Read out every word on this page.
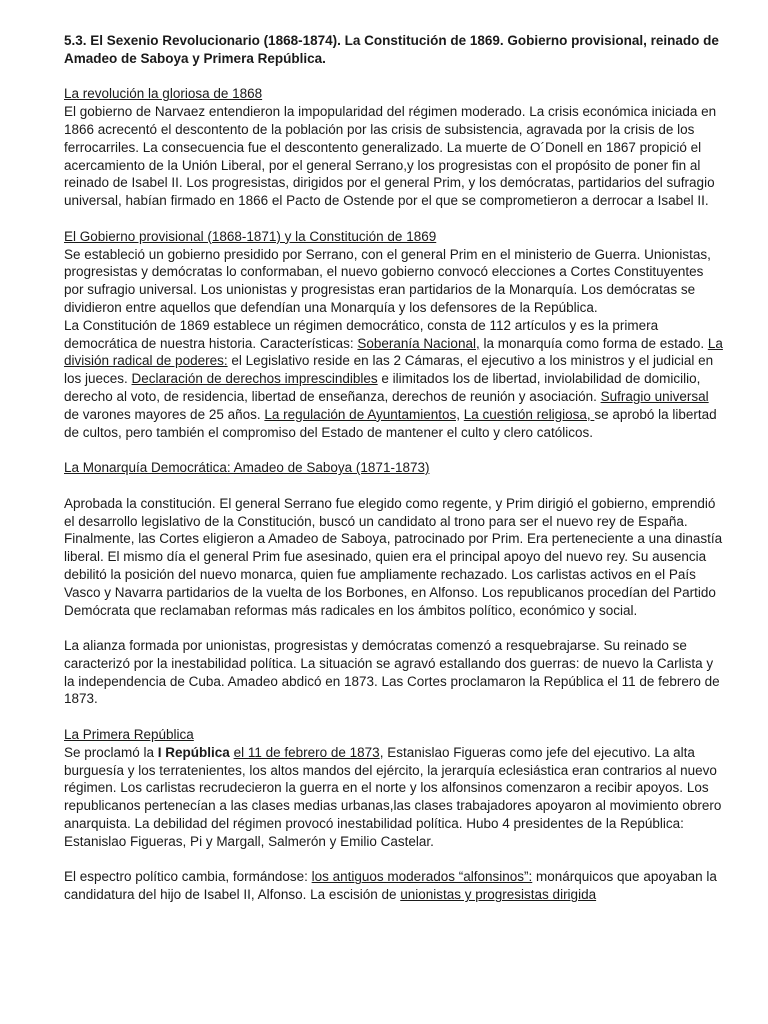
5.3. El Sexenio Revolucionario (1868-1874). La Constitución de 1869. Gobierno provisional, reinado de Amadeo de Saboya y Primera República.

La revolución la gloriosa de 1868

El gobierno de Narvaez entendieron la impopularidad del régimen moderado. La crisis económica iniciada en 1866 acrecentó el descontento de la población por las crisis de subsistencia, agravada por la crisis de los ferrocarriles. La consecuencia fue el descontento generalizado. La muerte de O´Donell en 1867 propició el acercamiento de la Unión Liberal, por el general Serrano,y los progresistas con el propósito de poner fin al reinado de Isabel II. Los progresistas, dirigidos por el general Prim, y los demócratas, partidarios del sufragio universal, habían firmado en 1866 el Pacto de Ostende por el que se comprometieron a derrocar a Isabel II.

El Gobierno provisional (1868-1871) y la Constitución de 1869

Se estableció un gobierno presidido por Serrano, con el general Prim en el ministerio de Guerra. Unionistas, progresistas y demócratas lo conformaban, el nuevo gobierno convocó elecciones a Cortes Constituyentes por sufragio universal. Los unionistas y progresistas eran partidarios de la Monarquía. Los demócratas se dividieron entre aquellos que defendían una Monarquía y los defensores de la República.

La Constitución de 1869 establece un régimen democrático, consta de 112 artículos y es la primera democrática de nuestra historia. Características: Soberanía Nacional, la monarquía como forma de estado. La división radical de poderes: el Legislativo reside en las 2 Cámaras, el ejecutivo a los ministros y el judicial en los jueces. Declaración de derechos imprescindibles e ilimitados los de libertad, inviolabilidad de domicilio, derecho al voto, de residencia, libertad de enseñanza, derechos de reunión y asociación. Sufragio universal de varones mayores de 25 años. La regulación de Ayuntamientos, La cuestión religiosa, se aprobó la libertad de cultos, pero también el compromiso del Estado de mantener el culto y clero católicos.

La Monarquía Democrática: Amadeo de Saboya (1871-1873)

Aprobada la constitución. El general Serrano fue elegido como regente, y Prim dirigió el gobierno, emprendió el desarrollo legislativo de la Constitución, buscó un candidato al trono para ser el nuevo rey de España. Finalmente, las Cortes eligieron a Amadeo de Saboya, patrocinado por Prim. Era perteneciente a una dinastía liberal. El mismo día el general Prim fue asesinado, quien era el principal apoyo del nuevo rey. Su ausencia debilitó la posición del nuevo monarca, quien fue ampliamente rechazado. Los carlistas activos en el País Vasco y Navarra partidarios de la vuelta de los Borbones, en Alfonso. Los republicanos procedían del Partido Demócrata que reclamaban reformas más radicales en los ámbitos político, económico y social.

La alianza formada por unionistas, progresistas y demócratas comenzó a resquebrajarse. Su reinado se caracterizó por la inestabilidad política. La situación se agravó estallando dos guerras: de nuevo la Carlista y la independencia de Cuba. Amadeo abdicó en 1873. Las Cortes proclamaron la República el 11 de febrero de 1873.

La Primera República

Se proclamó la I República el 11 de febrero de 1873, Estanislao Figueras como jefe del ejecutivo. La alta burguesía y los terratenientes, los altos mandos del ejército, la jerarquía eclesiástica eran contrarios al nuevo régimen. Los carlistas recrudecieron la guerra en el norte y los alfonsinos comenzaron a recibir apoyos. Los republicanos pertenecían a las clases medias urbanas,las clases trabajadores apoyaron al movimiento obrero anarquista. La debilidad del régimen provocó inestabilidad política. Hubo 4 presidentes de la República: Estanislao Figueras, Pi y Margall, Salmerón y Emilio Castelar.

El espectro político cambia, formándose: los antiguos moderados “alfonsinos”: monárquicos que apoyaban la candidatura del hijo de Isabel II, Alfonso. La escisión de unionistas y progresistas dirigida
